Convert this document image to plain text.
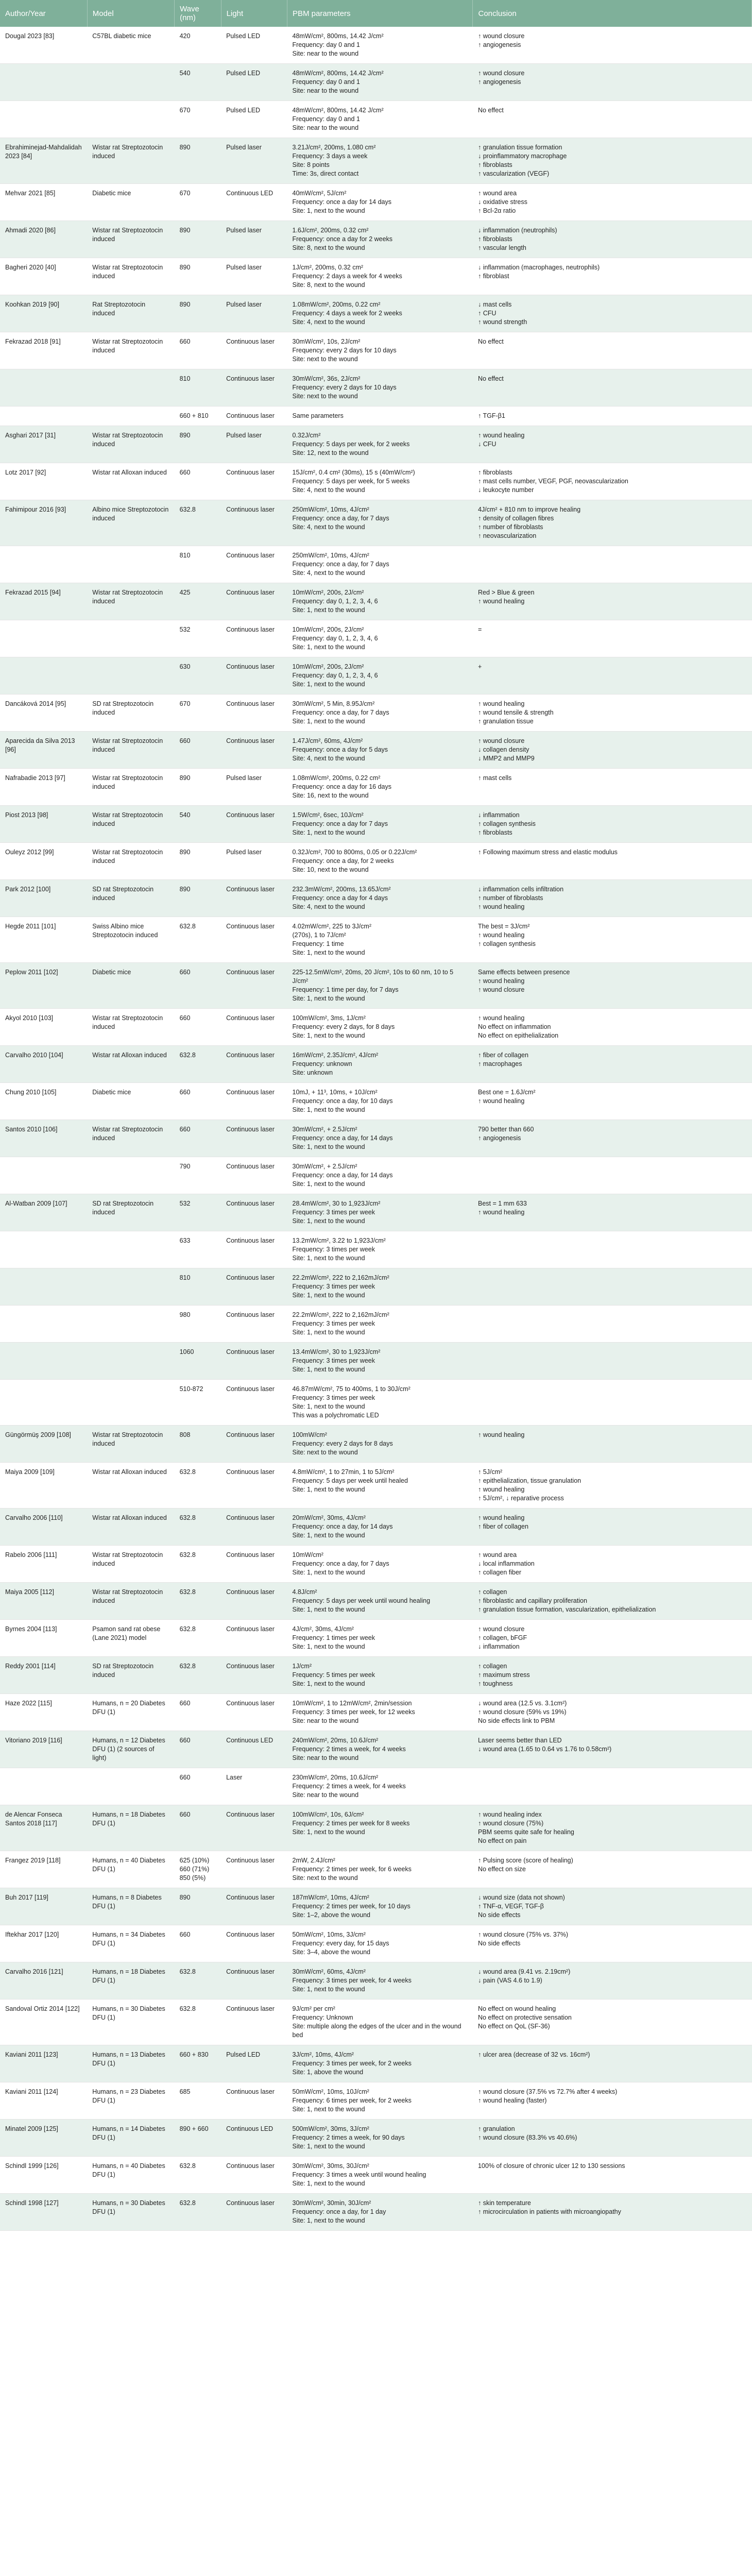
Author/Year	Model	Wave (nm)	Light	PBM parameters	Conclusion
Dougal 2023 [83]	C57BL diabetic mice	420	Pulsed LED	48mW/cm², 800ms, 14.42 J/cm²
Frequency: day 0 and 1
Site: near to the wound	↑ wound closure
↑ angiogenesis
		540	Pulsed LED	48mW/cm², 800ms, 14.42 J/cm²
Frequency: day 0 and 1
Site: near to the wound	↑ wound closure
↑ angiogenesis
		670	Pulsed LED	48mW/cm², 800ms, 14.42 J/cm²
Frequency: day 0 and 1
Site: near to the wound	No effect
Ebrahiminejad-Mahdalidah 2023 [84]	Wistar rat Streptozotocin induced	890	Pulsed laser	3.21J/cm², 200ms, 1.080 cm²
Frequency: 3 days a week
Site: 8 points
Time: 3s, direct contact	↑ granulation tissue formation
↓ proinflammatory macrophage
↑ fibroblasts
↑ vascularization (VEGF)
Mehvar 2021 [85]	Diabetic mice	670	Continuous LED	40mW/cm², 5J/cm²
Frequency: once a day for 14 days
Site: 1, next to the wound	↑ wound area
↓ oxidative stress
↑ Bcl-2α ratio
Ahmadi 2020 [86]	Wistar rat Streptozotocin induced	890	Pulsed laser	1.6J/cm², 200ms, 0.32 cm²
Frequency: once a day for 2 weeks
Site: 8, next to the wound	↓ inflammation (neutrophils)
↑ fibroblasts
↑ vascular length
Bagheri 2020 [40]	Wistar rat Streptozotocin induced	890	Pulsed laser	1J/cm², 200ms, 0.32 cm²
Frequency: 2 days a week for 4 weeks
Site: 8, next to the wound	↓ inflammation (macrophages, neutrophils)
↑ fibroblast
Koohkan 2019 [90]	Rat Streptozotocin induced	890	Pulsed laser	1.08mW/cm², 200ms, 0.22 cm²
Frequency: 4 days a week for 2 weeks
Site: 4, next to the wound	↓ mast cells
↑ CFU
↑ wound strength
Fekrazad 2018 [91]	Wistar rat Streptozotocin induced	660	Continuous laser	30mW/cm², 10s, 2J/cm²
Frequency: every 2 days for 10 days
Site: next to the wound	No effect
		810	Continuous laser	30mW/cm², 36s, 2J/cm²
Frequency: every 2 days for 10 days
Site: next to the wound	No effect
		660 + 810	Continuous laser	Same parameters	↑ TGF-β1
Asghari 2017 [31]	Wistar rat Streptozotocin induced	890	Pulsed laser	0.32J/cm²
Frequency: 5 days per week, for 2 weeks
Site: 12, next to the wound	↑ wound healing
↓ CFU
Lotz 2017 [92]	Wistar rat Alloxan induced	660	Continuous laser	15J/cm², 0.4 cm² (30ms), 15 s (40mW/cm²)
Frequency: 5 days per week, for 5 weeks
Site: 4, next to the wound	↑ fibroblasts
↑ mast cells number, VEGF, PGF, neovascularization
↓ leukocyte number
Fahimipour 2016 [93]	Albino mice Streptozotocin induced	632.8	Continuous laser	250mW/cm², 10ms, 4J/cm²
Frequency: once a day, for 7 days
Site: 4, next to the wound	4J/cm² + 810 nm to improve healing
↑ density of collagen fibres
↑ number of fibroblasts
↑ neovascularization
		810	Continuous laser	250mW/cm², 10ms, 4J/cm²
Frequency: once a day, for 7 days
Site: 4, next to the wound	
Fekrazad 2015 [94]	Wistar rat Streptozotocin induced	425	Continuous laser	10mW/cm², 200s, 2J/cm²
Frequency: day 0, 1, 2, 3, 4, 6
Site: 1, next to the wound	Red > Blue & green
↑ wound healing
		532	Continuous laser	10mW/cm², 200s, 2J/cm²
Frequency: day 0, 1, 2, 3, 4, 6
Site: 1, next to the wound	=
		630	Continuous laser	10mW/cm², 200s, 2J/cm²
Frequency: day 0, 1, 2, 3, 4, 6
Site: 1, next to the wound	+
Dancáková 2014 [95]	SD rat Streptozotocin induced	670	Continuous laser	30mW/cm², 5 Min, 8.95J/cm²
Frequency: once a day, for 7 days
Site: 1, next to the wound	↑ wound healing
↑ wound tensile & strength
↑ granulation tissue
Aparecida da Silva 2013 [96]	Wistar rat Streptozotocin induced	660	Continuous laser	1.47J/cm², 60ms, 4J/cm²
Frequency: once a day for 5 days
Site: 4, next to the wound	↑ wound closure
↓ collagen density
↓ MMP2 and MMP9
Nafrabadie 2013 [97]	Wistar rat Streptozotocin induced	890	Pulsed laser	1.08mW/cm², 200ms, 0.22 cm²
Frequency: once a day for 16 days
Site: 16, next to the wound	↑ mast cells
Piost 2013 [98]	Wistar rat Streptozotocin induced	540	Continuous laser	1.5W/cm², 6sec, 10J/cm²
Frequency: once a day for 7 days
Site: 1, next to the wound	↓ inflammation
↑ collagen synthesis
↑ fibroblasts
Ouleyz 2012 [99]	Wistar rat Streptozotocin induced	890	Pulsed laser	0.32J/cm², 700 to 800ms, 0.05 or 0.22J/cm²
Frequency: once a day, for 2 weeks
Site: 10, next to the wound	↑ Following maximum stress and elastic modulus
Park 2012 [100]	SD rat Streptozotocin induced	890	Continuous laser	232.3mW/cm², 200ms, 13.65J/cm²
Frequency: once a day for 4 days
Site: 4, next to the wound	↓ inflammation cells infiltration
↑ number of fibroblasts
↑ wound healing
Hegde 2011 [101]	Swiss Albino mice Streptozotocin induced	632.8	Continuous laser	4.02mW/cm², 225 to 3J/cm²
(270s), 1 to 7J/cm²
Frequency: 1 time
Site: 1, next to the wound	The best = 3J/cm²
↑ wound healing
↑ collagen synthesis
Peplow 2011 [102]	Diabetic mice	660	Continuous laser	225-12.5mW/cm², 20ms, 20 J/cm², 10s to 60 nm, 10 to 5 J/cm²
Frequency: 1 time per day, for 7 days
Site: 1, next to the wound	Same effects between presence
↑ wound healing
↑ wound closure
Akyol 2010 [103]	Wistar rat Streptozotocin induced	660	Continuous laser	100mW/cm², 3ms, 1J/cm²
Frequency: every 2 days, for 8 days
Site: 1, next to the wound	↑ wound healing
No effect on inflammation
No effect on epithelialization
Carvalho 2010 [104]	Wistar rat Alloxan induced	632.8	Continuous laser	16mW/cm², 2.35J/cm², 4J/cm²
Frequency: unknown
Site: unknown	↑ fiber of collagen
↑ macrophages
Chung 2010 [105]	Diabetic mice	660	Continuous laser	10mJ, + 11³, 10ms, + 10J/cm²
Frequency: once a day, for 10 days
Site: 1, next to the wound	Best one = 1.6J/cm²
↑ wound healing
Santos 2010 [106]	Wistar rat Streptozotocin induced	660	Continuous laser	30mW/cm², + 2.5J/cm²
Frequency: once a day, for 14 days
Site: 1, next to the wound	790 better than 660
↑ angiogenesis
		790	Continuous laser	30mW/cm², + 2.5J/cm²
Frequency: once a day, for 14 days
Site: 1, next to the wound	
Al-Watban 2009 [107]	SD rat Streptozotocin induced	532	Continuous laser	28.4mW/cm², 30 to 1,923J/cm²
Frequency: 3 times per week
Site: 1, next to the wound	Best = 1 mm 633
↑ wound healing
		633	Continuous laser	13.2mW/cm², 3.22 to 1,923J/cm²
Frequency: 3 times per week
Site: 1, next to the wound	
		810	Continuous laser	22.2mW/cm², 222 to 2,162mJ/cm²
Frequency: 3 times per week
Site: 1, next to the wound	
		980	Continuous laser	22.2mW/cm², 222 to 2,162mJ/cm²
Frequency: 3 times per week
Site: 1, next to the wound	
		1060	Continuous laser	13.4mW/cm², 30 to 1,923J/cm²
Frequency: 3 times per week
Site: 1, next to the wound	
		510-872	Continuous laser	46.87mW/cm², 75 to 400ms, 1 to 30J/cm²
Frequency: 3 times per week
Site: 1, next to the wound
This was a polychromatic LED	
Güngörmüş 2009 [108]	Wistar rat Streptozotocin induced	808	Continuous laser	100mW/cm²
Frequency: every 2 days for 8 days
Site: next to the wound	↑ wound healing
Maiya 2009 [109]	Wistar rat Alloxan induced	632.8	Continuous laser	4.8mW/cm², 1 to 27min, 1 to 5J/cm²
Frequency: 5 days per week until healed
Site: 1, next to the wound	↑ 5J/cm²
↑ epithelialization, tissue granulation
↑ wound healing
↑ 5J/cm², ↓ reparative process
Carvalho 2006 [110]	Wistar rat Alloxan induced	632.8	Continuous laser	20mW/cm², 30ms, 4J/cm²
Frequency: once a day, for 14 days
Site: 1, next to the wound	↑ wound healing
↑ fiber of collagen
Rabelo 2006 [111]	Wistar rat Streptozotocin induced	632.8	Continuous laser	10mW/cm²
Frequency: once a day, for 7 days
Site: 1, next to the wound	↑ wound area
↓ local inflammation
↑ collagen fiber
Maiya 2005 [112]	Wistar rat Streptozotocin induced	632.8	Continuous laser	4.8J/cm²
Frequency: 5 days per week until wound healing
Site: 1, next to the wound	↑ collagen
↑ fibroblastic and capillary proliferation
↑ granulation tissue formation, vascularization, epithelialization
Byrnes 2004 [113]	Psamon sand rat obese (Lane 2021) model	632.8	Continuous laser	4J/cm², 30ms, 4J/cm²
Frequency: 1 times per week
Site: 1, next to the wound	↑ wound closure
↑ collagen, bFGF
↓ inflammation
Reddy 2001 [114]	SD rat Streptozotocin induced	632.8	Continuous laser	1J/cm²
Frequency: 5 times per week
Site: 1, next to the wound	↑ collagen
↑ maximum stress
↑ toughness
Haze 2022 [115]	Humans, n = 20 Diabetes DFU (1)	660	Continuous laser	10mW/cm², 1 to 12mW/cm², 2min/session
Frequency: 3 times per week, for 12 weeks
Site: near to the wound	↓ wound area (12.5 vs. 3.1cm²)
↑ wound closure (59% vs 19%)
No side effects link to PBM
Vitoriano 2019 [116]	Humans, n = 12 Diabetes DFU (1) (2 sources of light)	660	Continuous LED	240mW/cm², 20ms, 10.6J/cm²
Frequency: 2 times a week, for 4 weeks
Site: near to the wound	Laser seems better than LED
↓ wound area (1.65 to 0.64 vs 1.76 to 0.58cm²)
		660	Laser	230mW/cm², 20ms, 10.6J/cm²
Frequency: 2 times a week, for 4 weeks
Site: near to the wound	
de Alencar Fonseca Santos 2018 [117]	Humans, n = 18 Diabetes DFU (1)	660	Continuous laser	100mW/cm², 10s, 6J/cm²
Frequency: 2 times per week for 8 weeks
Site: 1, next to the wound	↑ wound healing index
↑ wound closure (75%)
PBM seems quite safe for healing
No effect on pain
Frangez 2019 [118]	Humans, n = 40 Diabetes DFU (1)	625 (10%) 660 (71%) 850 (5%)	Continuous laser	2mW, 2.4J/cm²
Frequency: 2 times per week, for 6 weeks
Site: next to the wound	↑ Pulsing score (score of healing)
No effect on size
Buh 2017 [119]	Humans, n = 8 Diabetes DFU (1)	890	Continuous laser	187mW/cm², 10ms, 4J/cm²
Frequency: 2 times per week, for 10 days
Site: 1–2, above the wound	↓ wound size (data not shown)
↑ TNF-α, VEGF, TGF-β
No side effects
Iftekhar 2017 [120]	Humans, n = 34 Diabetes DFU (1)	660	Continuous laser	50mW/cm², 10ms, 3J/cm²
Frequency: every day, for 15 days
Site: 3–4, above the wound	↑ wound closure (75% vs. 37%)
No side effects
Carvalho 2016 [121]	Humans, n = 18 Diabetes DFU (1)	632.8	Continuous laser	30mW/cm², 60ms, 4J/cm²
Frequency: 3 times per week, for 4 weeks
Site: 1, next to the wound	↓ wound area (9.41 vs. 2.19cm²)
↓ pain (VAS 4.6 to 1.9)
Sandoval Ortiz 2014 [122]	Humans, n = 30 Diabetes DFU (1)	632.8	Continuous laser	9J/cm² per cm²
Frequency: Unknown
Site: multiple along the edges of the ulcer and in the wound bed	No effect on wound healing
No effect on protective sensation
No effect on QoL (SF-36)
Kaviani 2011 [123]	Humans, n = 13 Diabetes DFU (1)	660 + 830	Pulsed LED	3J/cm², 10ms, 4J/cm²
Frequency: 3 times per week, for 2 weeks
Site: 1, above the wound	↑ ulcer area (decrease of 32 vs. 16cm²)
Kaviani 2011 [124]	Humans, n = 23 Diabetes DFU (1)	685	Continuous laser	50mW/cm², 10ms, 10J/cm²
Frequency: 6 times per week, for 2 weeks
Site: 1, next to the wound	↑ wound closure (37.5% vs 72.7% after 4 weeks)
↑ wound healing (faster)
Minatel 2009 [125]	Humans, n = 14 Diabetes DFU (1)	890 + 660	Continuous LED	500mW/cm², 30ms, 3J/cm²
Frequency: 2 times a week, for 90 days
Site: 1, next to the wound	↑ granulation
↑ wound closure (83.3% vs 40.6%)
Schindl 1999 [126]	Humans, n = 40 Diabetes DFU (1)	632.8	Continuous laser	30mW/cm², 30ms, 30J/cm²
Frequency: 3 times a week until wound healing
Site: 1, next to the wound	100% of closure of chronic ulcer 12 to 130 sessions
Schindl 1998 [127]	Humans, n = 30 Diabetes DFU (1)	632.8	Continuous laser	30mW/cm², 30min, 30J/cm²
Frequency: once a day, for 1 day
Site: 1, next to the wound	↑ skin temperature
↑ microcirculation in patients with microangiopathy
